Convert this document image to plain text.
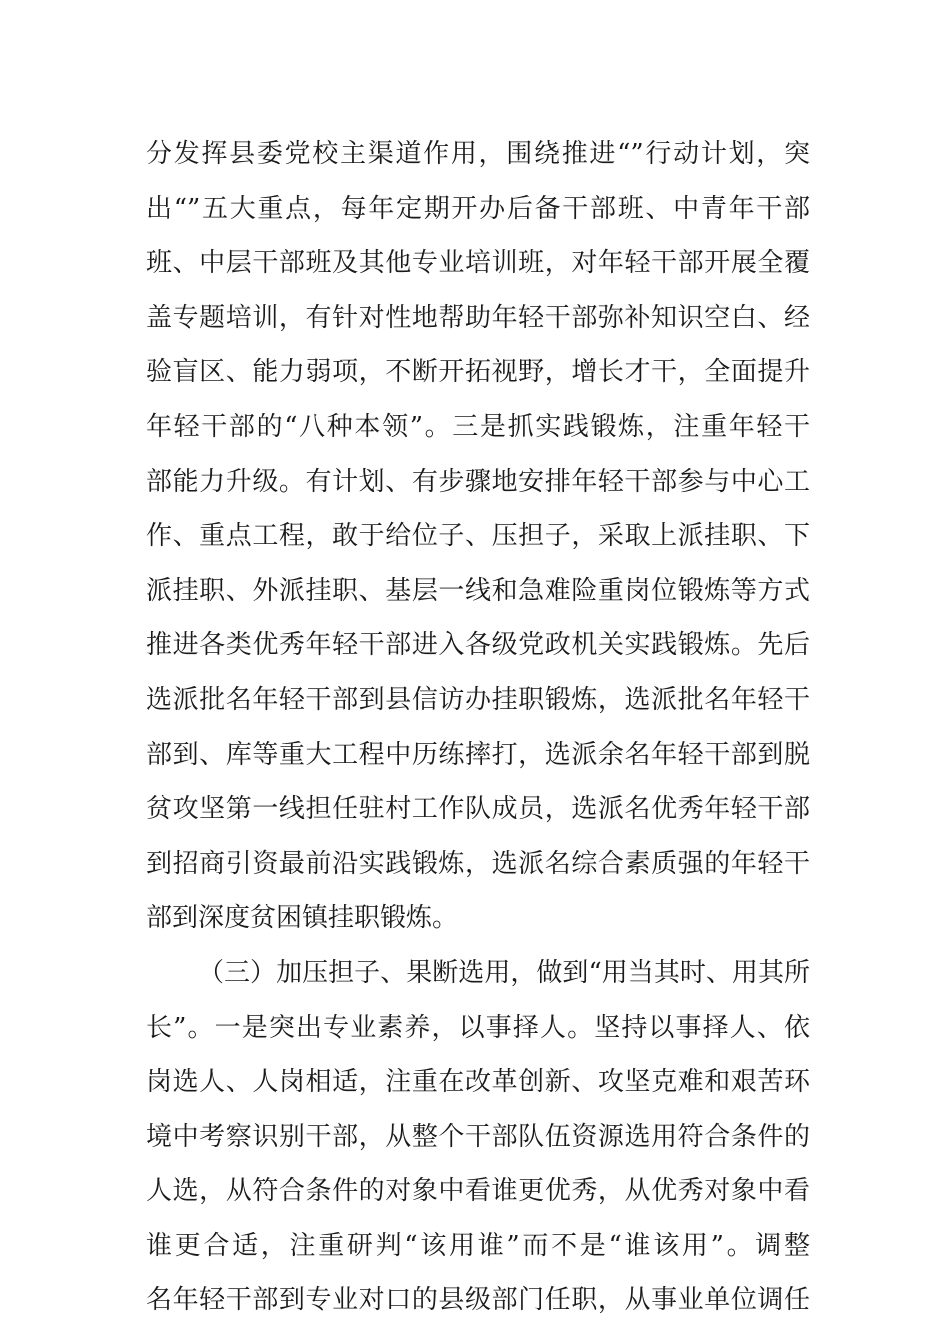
分发挥县委党校主渠道作用，围绕推进“”行动计划，突
出“”五大重点，每年定期开办后备干部班、中青年干部
班、中层干部班及其他专业培训班，对年轻干部开展全覆
盖专题培训，有针对性地帮助年轻干部弥补知识空白、经
验盲区、能力弱项，不断开拓视野，增长才干，全面提升
年轻干部的“八种本领”。三是抓实践锻炼，注重年轻干
部能力升级。有计划、有步骤地安排年轻干部参与中心工
作、重点工程，敢于给位子、压担子，采取上派挂职、下
派挂职、外派挂职、基层一线和急难险重岗位锻炼等方式
推进各类优秀年轻干部进入各级党政机关实践锻炼。先后
选派批名年轻干部到县信访办挂职锻炼，选派批名年轻干
部到、库等重大工程中历练摔打，选派余名年轻干部到脱
贫攻坚第一线担任驻村工作队成员，选派名优秀年轻干部
到招商引资最前沿实践锻炼，选派名综合素质强的年轻干
部到深度贫困镇挂职锻炼。
（三）加压担子、果断选用，做到“用当其时、用其所
长”。一是突出专业素养，以事择人。坚持以事择人、依
岗选人、人岗相适，注重在改革创新、攻坚克难和艰苦环
境中考察识别干部，从整个干部队伍资源选用符合条件的
人选，从符合条件的对象中看谁更优秀，从优秀对象中看
谁更合适，注重研判“该用谁”而不是“谁该用”。调整
名年轻干部到专业对口的县级部门任职，从事业单位调任
